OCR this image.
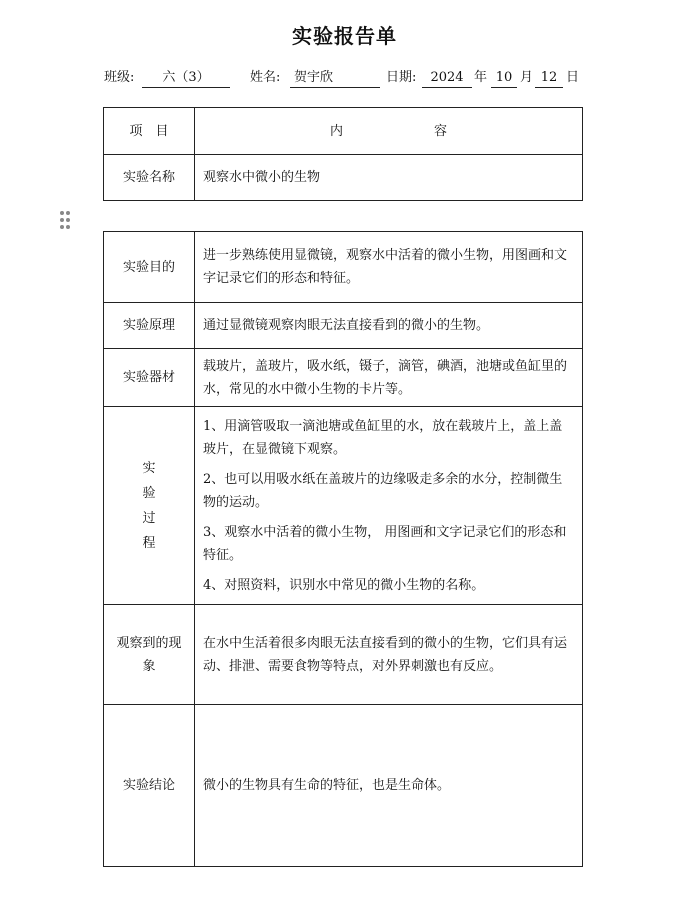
实验报告单
班级:	六（3）	姓名:	贺宇欣	日期:	2024 年 10 月 12 日
项　目	内　　　　　　　容
实验名称	观察水中微小的生物
实验目的	进一步熟练使用显微镜，观察水中活着的微小生物，用图画和文字记录它们的形态和特征。
实验原理	通过显微镜观察肉眼无法直接看到的微小的生物。
实验器材	载玻片，盖玻片，吸水纸，镊子，滴管，碘酒，池塘或鱼缸里的水，常见的水中微小生物的卡片等。
实验过程	1、用滴管吸取一滴池塘或鱼缸里的水，放在载玻片上，盖上盖玻片，在显微镜下观察。
2、也可以用吸水纸在盖玻片的边缘吸走多余的水分，控制微生物的运动。
3、观察水中活着的微小生物， 用图画和文字记录它们的形态和特征。
4、对照资料，识别水中常见的微小生物的名称。

观察到的现象	在水中生活着很多肉眼无法直接看到的微小的生物，它们具有运动、排泄、需要食物等特点，对外界刺激也有反应。
实验结论	微小的生物具有生命的特征，也是生命体。
